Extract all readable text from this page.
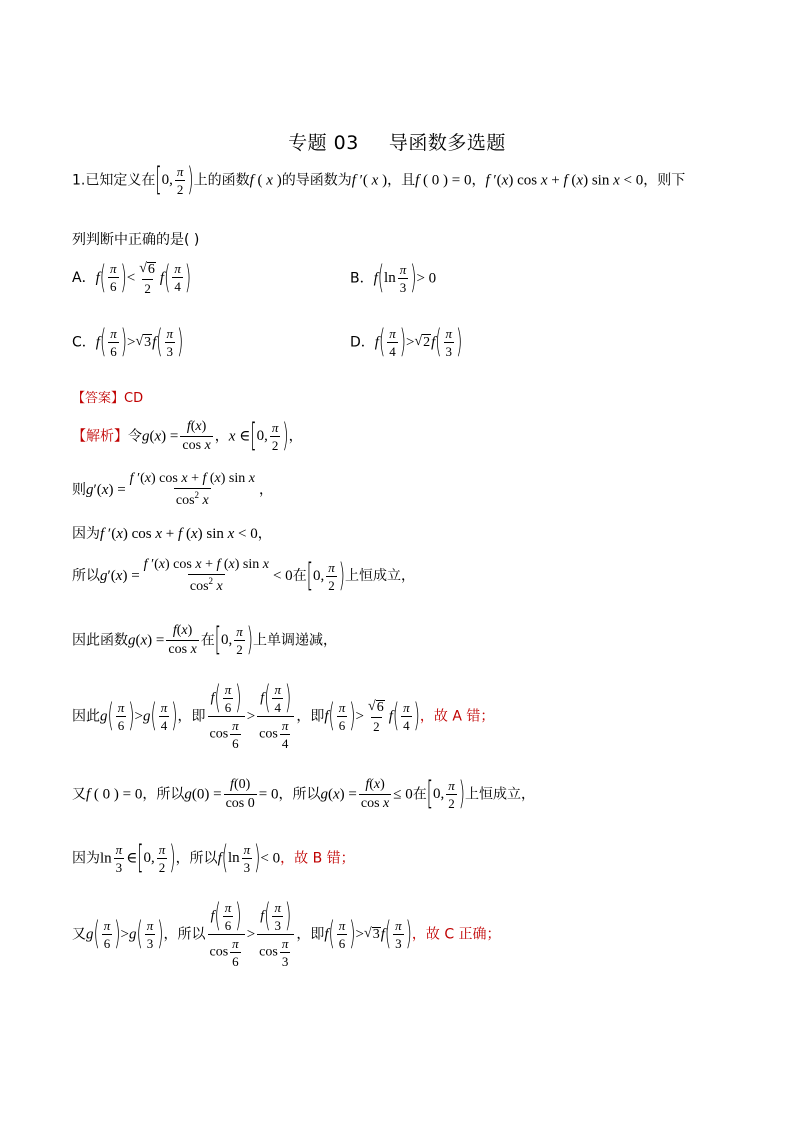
专题 03 导函数多选题
1.已知定义在 [ 0,
π
2 ) 上的函数f ( x )的导函数为f ′( x )，且f ( 0 ) = 0，f ′(x) cos x + f (x) sin x < 0，则下
列判断中正确的是( )
A．f ( π
6 ) < $\frac{√ 6}{2}$ f ( π
4 )	B．f ( ln
π
3 ) > 0
C．f ( π
6 ) > √ 3 f ( π
3 )	D．f ( π
4 ) > √ 2 f ( π
3 )
【答案】CD
【解析】令$g(x) = \frac{f(x)}{\text{cos x}}$ ，x ∈ [ 0,
π
2 ) ，
则$g'(x) = \frac{\text{f ′(x) cos x + f (x) sin x}}{\cos^2 x}$ ，
因为f ′(x) cos x + f (x) sin x < 0，
所以$g'(x) = \frac{\text{f ′(x) cos x + f (x) sin x}}{\cos^2 x} < 0$在 [ 0,
π
2 ) 上恒成立，
因此函数$g(x) = \frac{f(x)}{\text{cos x}}$ 在 [ 0,
π
2 ) 上单调递减，
因此g ( π
6 ) >g ( π
4 ) ，即 f ( π
6 )
$\cos \frac{\pi}{6} > f$ ( π
4 )
$\cos \frac{\pi}{4}$ ，即f ( π
6 ) > $\frac{√ 6}{2}$ f ( π
4 ) ，故 A 错；
又f ( 0 ) = 0，所以$g(0) = \frac{f(0)}{\cos 0} = 0$，所以$g(x) = \frac{f(x)}{\text{cos x}} \le 0$在 [ 0,
π
2 ) 上恒成立，
因为$\ln \frac{\pi}{3}$ ∈ [ 0,
π
2 ) ，所以f ( ln
π
3 ) < 0，故 B 错；
又g ( π
6 ) >g ( π
3 ) ，所以 f ( π
6 )
$\cos \frac{\pi}{6} > f$ ( π
3 )
$\cos \frac{\pi}{3}$ ，即f ( π
6 ) > √ 3 f ( π
3 ) ，故 C 正确；
